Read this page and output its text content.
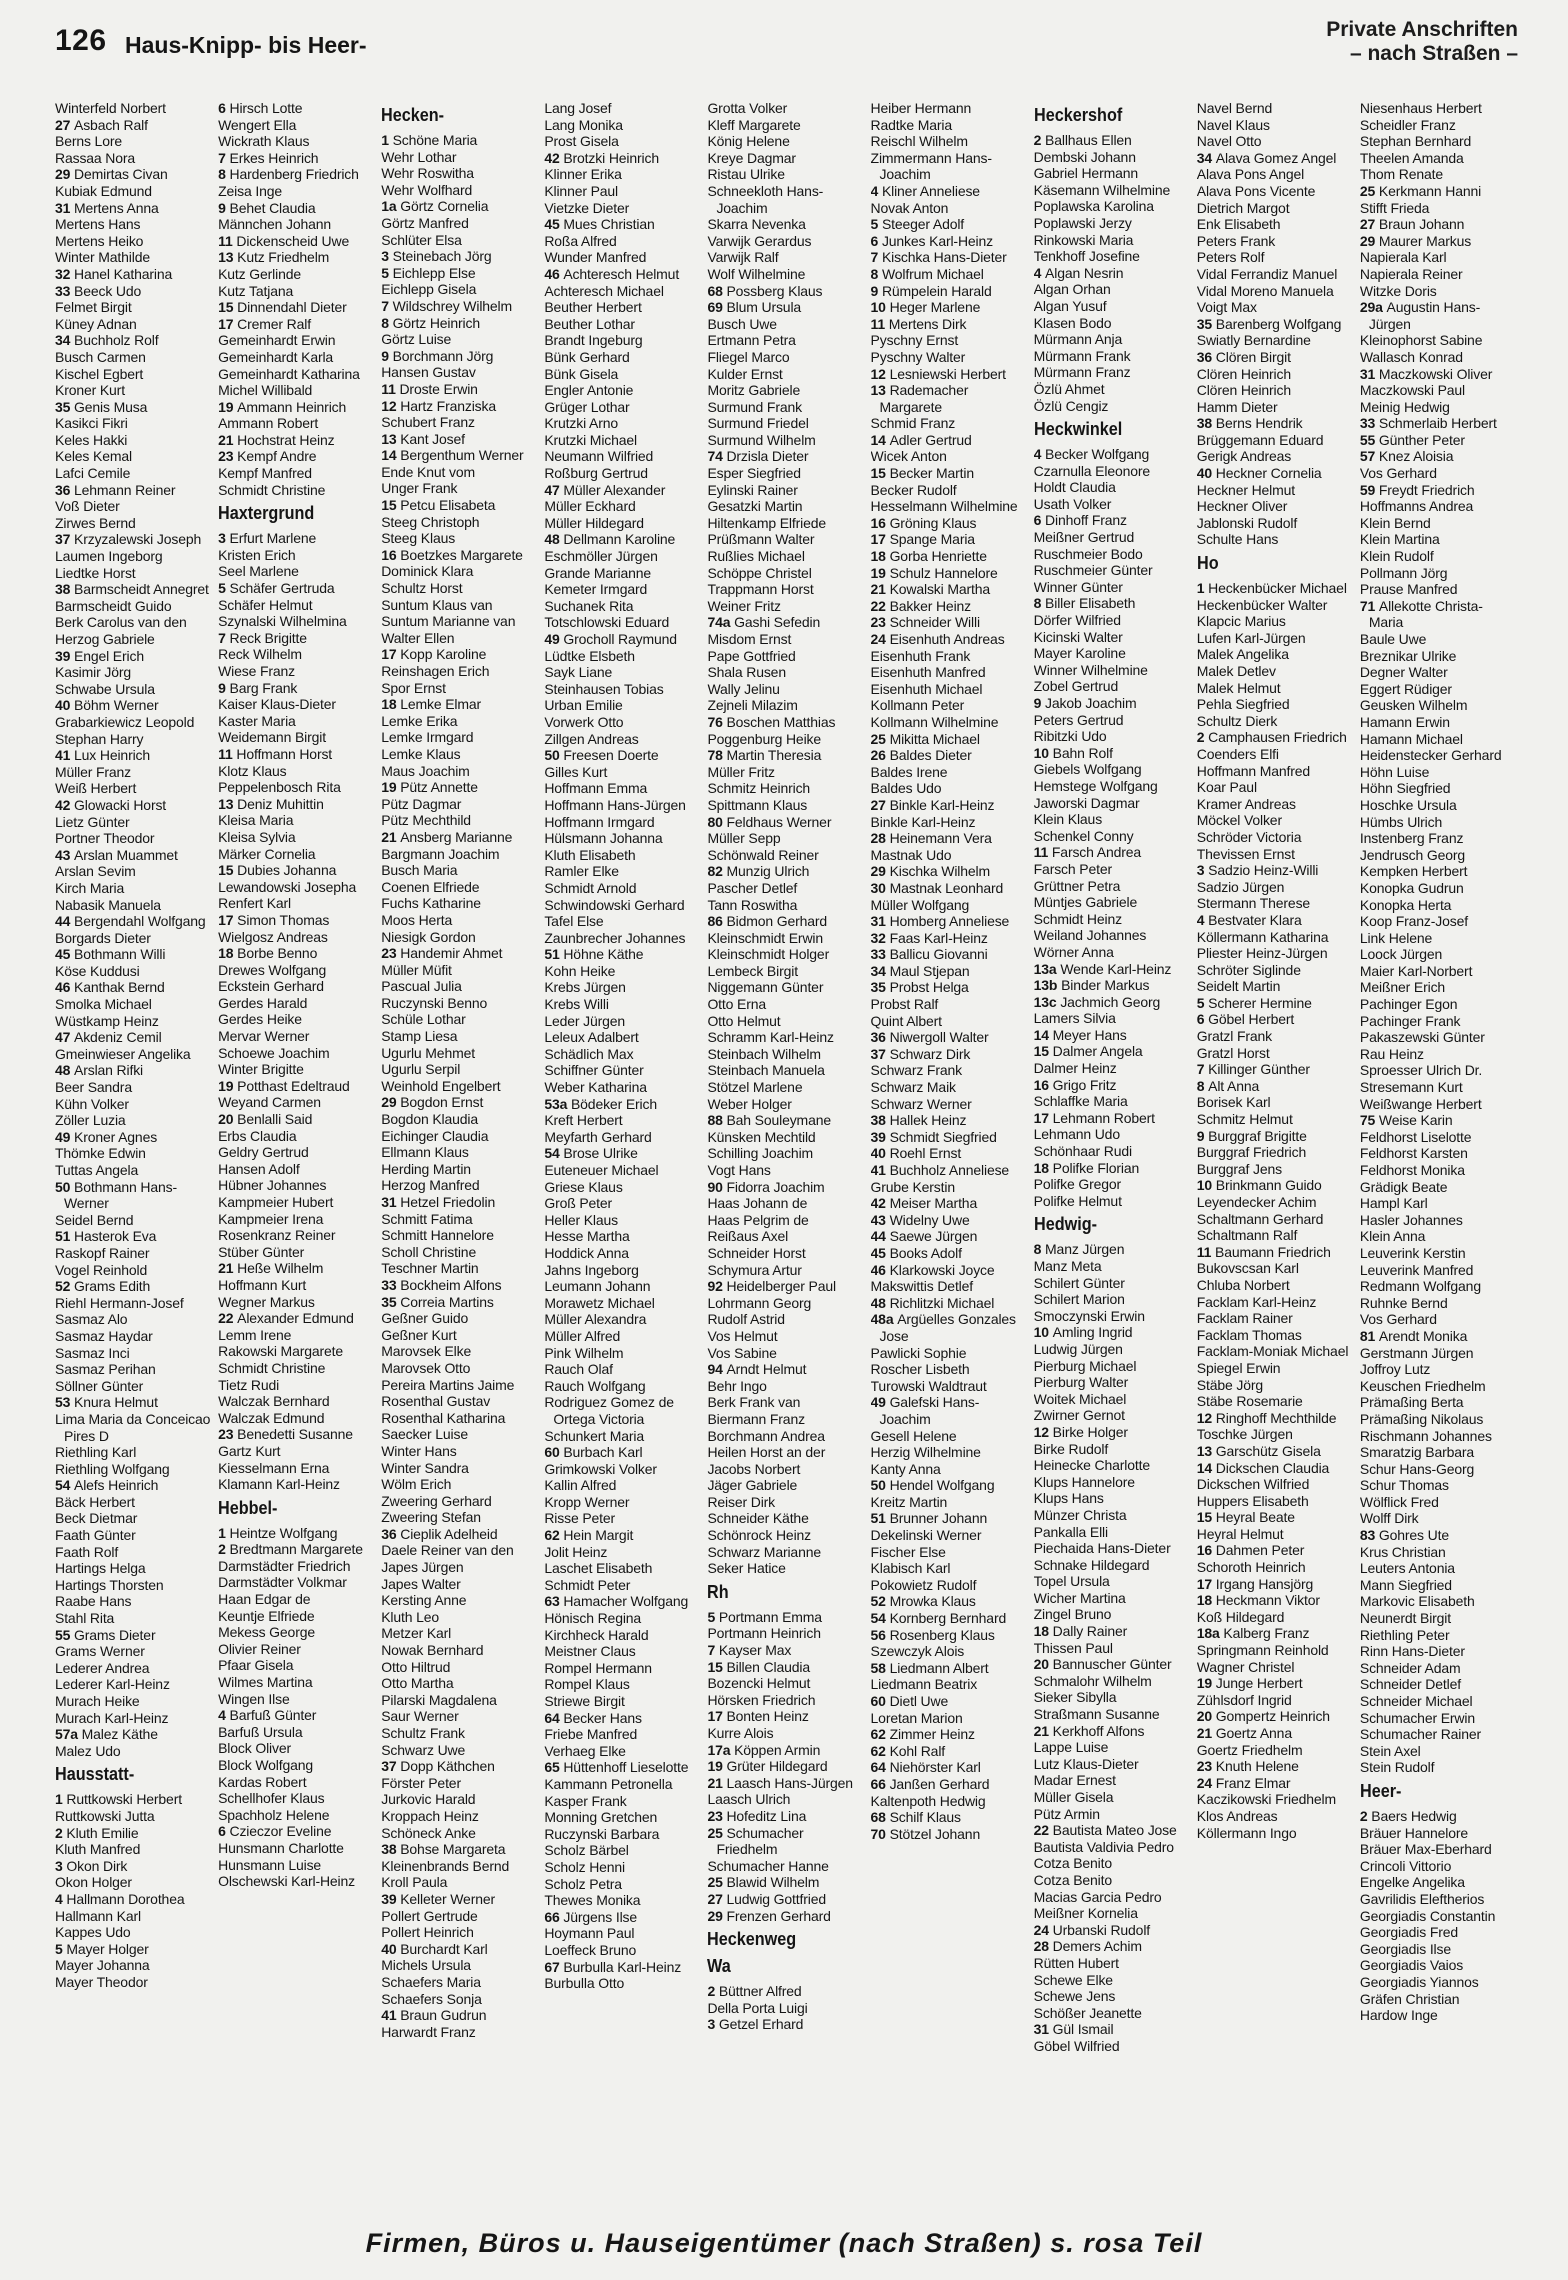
126 Haus-Knipp- bis Heer-
Private Anschriften
– nach Straßen –
Winterfeld Norbert
27 Asbach Ralf
Berns Lore
Rassaa Nora
29 Demirtas Civan
Kubiak Edmund
31 Mertens Anna
Mertens Hans
Mertens Heiko
Winter Mathilde
32 Hanel Katharina
33 Beeck Udo
Felmet Birgit
Küney Adnan
34 Buchholz Rolf
Busch Carmen
Kischel Egbert
Kroner Kurt
35 Genis Musa
Kasikci Fikri
Keles Hakki
Keles Kemal
Lafci Cemile
36 Lehmann Reiner
Voß Dieter
Zirwes Bernd
37 Krzyzalewski Joseph
Laumen Ingeborg
Liedtke Horst
38 Barmscheidt Annegret
Barmscheidt Guido
Berk Carolus van den
Herzog Gabriele
39 Engel Erich
Kasimir Jörg
Schwabe Ursula
40 Böhm Werner
Grabarkiewicz Leopold
Stephan Harry
41 Lux Heinrich
Müller Franz
Weiß Herbert
42 Glowacki Horst
Lietz Günter
Portner Theodor
43 Arslan Muammet
Arslan Sevim
Kirch Maria
Nabasik Manuela
44 Bergendahl Wolfgang
Borgards Dieter
45 Bothmann Willi
Köse Kuddusi
46 Kanthak Bernd
Smolka Michael
Wüstkamp Heinz
47 Akdeniz Cemil
Gmeinwieser Angelika
48 Arslan Rifki
Beer Sandra
Kühn Volker
Zöller Luzia
49 Kroner Agnes
Thömke Edwin
Tuttas Angela
50 Bothmann Hans-Werner
Seidel Bernd
51 Hasterok Eva
Raskopf Rainer
Vogel Reinhold
52 Grams Edith
Riehl Hermann-Josef
Sasmaz Alo
Sasmaz Haydar
Sasmaz Inci
Sasmaz Perihan
Söllner Günter
53 Knura Helmut
Lima Maria da Conceicao Pires D
Riethling Karl
Riethling Wolfgang
54 Alefs Heinrich
Bäck Herbert
Beck Dietmar
Faath Günter
Faath Rolf
Hartings Helga
Hartings Thorsten
Raabe Hans
Stahl Rita
55 Grams Dieter
Grams Werner
Lederer Andrea
Lederer Karl-Heinz
Murach Heike
Murach Karl-Heinz
57a Malez Käthe
Malez Udo
Hausstatt-
1 Ruttkowski Herbert
Ruttkowski Jutta
2 Kluth Emilie
Kluth Manfred
3 Okon Dirk
Okon Holger
4 Hallmann Dorothea
Hallmann Karl
Kappes Udo
5 Mayer Holger
Mayer Johanna
Mayer Theodor
6 Hirsch Lotte
Wengert Ella
Wickrath Klaus
7 Erkes Heinrich
8 Hardenberg Friedrich
Zeisa Inge
9 Behet Claudia
Männchen Johann
11 Dickenscheid Uwe
13 Kutz Friedhelm
Kutz Gerlinde
Kutz Tatjana
15 Dinnendahl Dieter
17 Cremer Ralf
Gemeinhardt Erwin
Gemeinhardt Karla
Gemeinhardt Katharina
Michel Willibald
19 Ammann Heinrich
Ammann Robert
21 Hochstrat Heinz
23 Kempf Andre
Kempf Manfred
Schmidt Christine
Haxtergrund
3 Erfurt Marlene
Kristen Erich
Seel Marlene
5 Schäfer Gertruda
Schäfer Helmut
Szynalski Wilhelmina
7 Reck Brigitte
Reck Wilhelm
Wiese Franz
9 Barg Frank
Kaiser Klaus-Dieter
Kaster Maria
Weidemann Birgit
11 Hoffmann Horst
Klotz Klaus
Peppelenbosch Rita
13 Deniz Muhittin
Kleisa Maria
Kleisa Sylvia
Märker Cornelia
15 Dubies Johanna
Lewandowski Josepha
Renfert Karl
17 Simon Thomas
Wielgosz Andreas
18 Borbe Benno
Drewes Wolfgang
Eckstein Gerhard
Gerdes Harald
Gerdes Heike
Mervar Werner
Schoewe Joachim
Winter Brigitte
19 Potthast Edeltraud
Weyand Carmen
20 Benlalli Said
Erbs Claudia
Geldry Gertrud
Hansen Adolf
Hübner Johannes
Kampmeier Hubert
Kampmeier Irena
Rosenkranz Reiner
Stüber Günter
21 Heße Wilhelm
Hoffmann Kurt
Wegner Markus
22 Alexander Edmund
Lemm Irene
Rakowski Margarete
Schmidt Christine
Tietz Rudi
Walczak Bernhard
Walczak Edmund
23 Benedetti Susanne
Gartz Kurt
Kiesselmann Erna
Klamann Karl-Heinz
Hebbel-
1 Heintze Wolfgang
2 Bredtmann Margarete
Darmstädter Friedrich
Darmstädter Volkmar
Haan Edgar de
Keuntje Elfriede
Mekess George
Olivier Reiner
Pfaar Gisela
Wilmes Martina
Wingen Ilse
4 Barfuß Günter
Barfuß Ursula
Block Oliver
Block Wolfgang
Kardas Robert
Schellhofer Klaus
Spachholz Helene
6 Czieczor Eveline
Hunsmann Charlotte
Hunsmann Luise
Olschewski Karl-Heinz
Hecken-
1 Schöne Maria
Wehr Lothar
Wehr Roswitha
Wehr Wolfhard
1a Görtz Cornelia
Görtz Manfred
Schlüter Elsa
3 Steinebach Jörg
5 Eichlepp Else
Eichlepp Gisela
7 Wildschrey Wilhelm
8 Görtz Heinrich
Görtz Luise
9 Borchmann Jörg
Hansen Gustav
11 Droste Erwin
12 Hartz Franziska
Schubert Franz
13 Kant Josef
14 Bergenthum Werner
Ende Knut vom
Unger Frank
15 Petcu Elisabeta
Steeg Christoph
Steeg Klaus
16 Boetzkes Margarete
Dominick Klara
Schultz Horst
Suntum Klaus van
Suntum Marianne van
Walter Ellen
17 Kopp Karoline
Reinshagen Erich
Spor Ernst
18 Lemke Elmar
Lemke Erika
Lemke Irmgard
Lemke Klaus
Maus Joachim
19 Pütz Annette
Pütz Dagmar
Pütz Mechthild
21 Ansberg Marianne
Bargmann Joachim
Busch Maria
Coenen Elfriede
Fuchs Katharine
Moos Herta
Niesigk Gordon
23 Handemir Ahmet
Müller Müfit
Pascual Julia
Ruczynski Benno
Schüle Lothar
Stamp Liesa
Ugurlu Mehmet
Ugurlu Serpil
Weinhold Engelbert
29 Bogdon Ernst
Bogdon Klaudia
Eichinger Claudia
Ellmann Klaus
Herding Martin
Herzog Manfred
31 Hetzel Friedolin
Schmitt Fatima
Schmitt Hannelore
Scholl Christine
Teschner Martin
33 Bockheim Alfons
35 Correia Martins
Geßner Guido
Geßner Kurt
Marovsek Elke
Marovsek Otto
Pereira Martins Jaime
Rosenthal Gustav
Rosenthal Katharina
Saecker Luise
Winter Hans
Winter Sandra
Wölm Erich
Zweering Gerhard
Zweering Stefan
36 Cieplik Adelheid
Daele Reiner van den
Japes Jürgen
Japes Walter
Kersting Anne
Kluth Leo
Metzer Karl
Nowak Bernhard
Otto Hiltrud
Otto Martha
Pilarski Magdalena
Saur Werner
Schultz Frank
Schwarz Uwe
37 Dopp Käthchen
Förster Peter
Jurkovic Harald
Kroppach Heinz
Schöneck Anke
38 Bohse Margareta
Kleinenbrands Bernd
Kroll Paula
39 Kelleter Werner
Pollert Gertrude
Pollert Heinrich
40 Burchardt Karl
Michels Ursula
Schaefers Maria
Schaefers Sonja
41 Braun Gudrun
Harwardt Franz
Lang Josef
Lang Monika
Prost Gisela
42 Brotzki Heinrich
Klinner Erika
Klinner Paul
Vietzke Dieter
45 Mues Christian
Roßa Alfred
Wunder Manfred
46 Achteresch Helmut
Achteresch Michael
Beuther Herbert
Beuther Lothar
Brandt Ingeburg
Bünk Gerhard
Bünk Gisela
Engler Antonie
Grüger Lothar
Krutzki Arno
Krutzki Michael
Neumann Wilfried
Roßburg Gertrud
47 Müller Alexander
Müller Eckhard
Müller Hildegard
48 Dellmann Karoline
Eschmöller Jürgen
Grande Marianne
Kemeter Irmgard
Suchanek Rita
Totschlowski Eduard
49 Grocholl Raymund
Lüdtke Elsbeth
Sayk Liane
Steinhausen Tobias
Urban Emilie
Vorwerk Otto
Zillgen Andreas
50 Freesen Doerte
Gilles Kurt
Hoffmann Emma
Hoffmann Hans-Jürgen
Hoffmann Irmgard
Hülsmann Johanna
Kluth Elisabeth
Ramler Elke
Schmidt Arnold
Schwindowski Gerhard
Tafel Else
Zaunbrecher Johannes
51 Höhne Käthe
Kohn Heike
Krebs Jürgen
Krebs Willi
Leder Jürgen
Leleux Adalbert
Schädlich Max
Schiffner Günter
Weber Katharina
53a Bödeker Erich
Kreft Herbert
Meyfarth Gerhard
54 Brose Ulrike
Euteneuer Michael
Griese Klaus
Groß Peter
Heller Klaus
Hesse Martha
Hoddick Anna
Jahns Ingeborg
Leumann Johann
Morawetz Michael
Müller Alexandra
Müller Alfred
Pink Wilhelm
Rauch Olaf
Rauch Wolfgang
Rodriguez Gomez de Ortega Victoria
Schunkert Maria
60 Burbach Karl
Grimkowski Volker
Kallin Alfred
Kropp Werner
Risse Peter
62 Hein Margit
Jolit Heinz
Laschet Elisabeth
Schmidt Peter
63 Hamacher Wolfgang
Hönisch Regina
Kirchheck Harald
Meistner Claus
Rompel Hermann
Rompel Klaus
Striewe Birgit
64 Becker Hans
Friebe Manfred
Verhaeg Elke
65 Hüttenhoff Lieselotte
Kammann Petronella
Kasper Frank
Monning Gretchen
Ruczynski Barbara
Scholz Bärbel
Scholz Henni
Scholz Petra
Thewes Monika
66 Jürgens Ilse
Hoymann Paul
Loeffeck Bruno
67 Burbulla Karl-Heinz
Burbulla Otto
Grotta Volker
Kleff Margarete
König Helene
Kreye Dagmar
Ristau Ulrike
Schneekloth Hans-Joachim
Skarra Nevenka
Varwijk Gerardus
Varwijk Ralf
Wolf Wilhelmine
68 Possberg Klaus
69 Blum Ursula
Busch Uwe
Ertmann Petra
Fliegel Marco
Kulder Ernst
Moritz Gabriele
Surmund Frank
Surmund Friedel
Surmund Wilhelm
74 Drzisla Dieter
Esper Siegfried
Eylinski Rainer
Gesatzki Martin
Hiltenkamp Elfriede
Prüßmann Walter
Rußlies Michael
Schöppe Christel
Trappmann Horst
Weiner Fritz
74a Gashi Sefedin
Misdom Ernst
Pape Gottfried
Shala Rusen
Wally Jelinu
Zejneli Milazim
76 Boschen Matthias
Poggenburg Heike
78 Martin Theresia
Müller Fritz
Schmitz Heinrich
Spittmann Klaus
80 Feldhaus Werner
Müller Sepp
Schönwald Reiner
82 Munzig Ulrich
Pascher Detlef
Tann Roswitha
86 Bidmon Gerhard
Kleinschmidt Erwin
Kleinschmidt Holger
Lembeck Birgit
Niggemann Günter
Otto Erna
Otto Helmut
Schramm Karl-Heinz
Steinbach Wilhelm
Steinbach Manuela
Stötzel Marlene
Weber Holger
88 Bah Souleymane
Künsken Mechtild
Schilling Joachim
Vogt Hans
90 Fidorra Joachim
Haas Johann de
Haas Pelgrim de
Reißaus Axel
Schneider Horst
Schymura Artur
92 Heidelberger Paul
Lohrmann Georg
Rudolf Astrid
Vos Helmut
Vos Sabine
94 Arndt Helmut
Behr Ingo
Berk Frank van
Biermann Franz
Borchmann Andrea
Heilen Horst an der
Jacobs Norbert
Jäger Gabriele
Reiser Dirk
Schneider Käthe
Schönrock Heinz
Schwarz Marianne
Seker Hatice
Rh
5 Portmann Emma
Portmann Heinrich
7 Kayser Max
15 Billen Claudia
Bozencki Helmut
Hörsken Friedrich
17 Bonten Heinz
Kurre Alois
17a Köppen Armin
19 Grüter Hildegard
21 Laasch Hans-Jürgen
Laasch Ulrich
23 Hofeditz Lina
25 Schumacher Friedhelm
Schumacher Hanne
25 Blawid Wilhelm
27 Ludwig Gottfried
29 Frenzen Gerhard
Heckenweg
Wa
2 Büttner Alfred
Della Porta Luigi
3 Getzel Erhard
Heiber Hermann
Radtke Maria
Reischl Wilhelm
Zimmermann Hans-Joachim
4 Kliner Anneliese
Novak Anton
5 Steeger Adolf
6 Junkes Karl-Heinz
7 Kischka Hans-Dieter
8 Wolfrum Michael
9 Rümpelein Harald
10 Heger Marlene
11 Mertens Dirk
Pyschny Ernst
Pyschny Walter
12 Lesniewski Herbert
13 Rademacher Margarete
Schmid Franz
14 Adler Gertrud
Wicek Anton
15 Becker Martin
Becker Rudolf
Hesselmann Wilhelmine
16 Gröning Klaus
17 Spange Maria
18 Gorba Henriette
19 Schulz Hannelore
21 Kowalski Martha
22 Bakker Heinz
23 Schneider Willi
24 Eisenhuth Andreas
Eisenhuth Frank
Eisenhuth Manfred
Eisenhuth Michael
Kollmann Peter
Kollmann Wilhelmine
25 Mikitta Michael
26 Baldes Dieter
Baldes Irene
Baldes Udo
27 Binkle Karl-Heinz
Binkle Karl-Heinz
28 Heinemann Vera
Mastnak Udo
29 Kischka Wilhelm
30 Mastnak Leonhard
Müller Wolfgang
31 Homberg Anneliese
32 Faas Karl-Heinz
33 Ballicu Giovanni
34 Maul Stjepan
35 Probst Helga
Probst Ralf
Quint Albert
36 Niwergoll Walter
37 Schwarz Dirk
Schwarz Frank
Schwarz Maik
Schwarz Werner
38 Hallek Heinz
39 Schmidt Siegfried
40 Roehl Ernst
41 Buchholz Anneliese
Grube Kerstin
42 Meiser Martha
43 Widelny Uwe
44 Saewe Jürgen
45 Books Adolf
46 Klarkowski Joyce
Makswittis Detlef
48 Richlitzki Michael
48a Argüelles Gonzales Jose
Pawlicki Sophie
Roscher Lisbeth
Turowski Waldtraut
49 Galefski Hans-Joachim
Gesell Helene
Herzig Wilhelmine
Kanty Anna
50 Hendel Wolfgang
Kreitz Martin
51 Brunner Johann
Dekelinski Werner
Fischer Else
Klabisch Karl
Pokowietz Rudolf
52 Mrowka Klaus
54 Kornberg Bernhard
56 Rosenberg Klaus
Szewczyk Alois
58 Liedmann Albert
Liedmann Beatrix
60 Dietl Uwe
Loretan Marion
62 Zimmer Heinz
62 Kohl Ralf
64 Niehörster Karl
66 Janßen Gerhard
Kaltenpoth Hedwig
68 Schilf Klaus
70 Stötzel Johann
Heckershof
2 Ballhaus Ellen
Dembski Johann
Gabriel Hermann
Käsemann Wilhelmine
Poplawska Karolina
Poplawski Jerzy
Rinkowski Maria
Tenkhoff Josefine
4 Algan Nesrin
Algan Orhan
Algan Yusuf
Klasen Bodo
Mürmann Anja
Mürmann Frank
Mürmann Franz
Özlü Ahmet
Özlü Cengiz
Heckwinkel
4 Becker Wolfgang
Czarnulla Eleonore
Holdt Claudia
Usath Volker
6 Dinhoff Franz
Meißner Gertrud
Ruschmeier Bodo
Ruschmeier Günter
Winner Günter
8 Biller Elisabeth
Dörfer Wilfried
Kicinski Walter
Mayer Karoline
Winner Wilhelmine
Zobel Gertrud
9 Jakob Joachim
Peters Gertrud
Ribitzki Udo
10 Bahn Rolf
Giebels Wolfgang
Hemstege Wolfgang
Jaworski Dagmar
Klein Klaus
Schenkel Conny
11 Farsch Andrea
Farsch Peter
Grüttner Petra
Müntjes Gabriele
Schmidt Heinz
Weiland Johannes
Wörner Anna
13a Wende Karl-Heinz
13b Binder Markus
13c Jachmich Georg
Lamers Silvia
14 Meyer Hans
15 Dalmer Angela
Dalmer Heinz
16 Grigo Fritz
Schlaffke Maria
17 Lehmann Robert
Lehmann Udo
Schönhaar Rudi
18 Polifke Florian
Polifke Gregor
Polifke Helmut
Hedwig-
8 Manz Jürgen
Manz Meta
Schilert Günter
Schilert Marion
Smoczynski Erwin
10 Amling Ingrid
Ludwig Jürgen
Pierburg Michael
Pierburg Walter
Woitek Michael
Zwirner Gernot
12 Birke Holger
Birke Rudolf
Heinecke Charlotte
Klups Hannelore
Klups Hans
Münzer Christa
Pankalla Elli
Piechaida Hans-Dieter
Schnake Hildegard
Topel Ursula
Wicher Martina
Zingel Bruno
18 Dally Rainer
Thissen Paul
20 Bannuscher Günter
Schmalohr Wilhelm
Sieker Sibylla
Straßmann Susanne
21 Kerkhoff Alfons
Lappe Luise
Lutz Klaus-Dieter
Madar Ernest
Müller Gisela
Pütz Armin
22 Bautista Mateo Jose
Bautista Valdivia Pedro
Cotza Benito
Cotza Benito
Macias Garcia Pedro
Meißner Kornelia
24 Urbanski Rudolf
28 Demers Achim
Rütten Hubert
Schewe Elke
Schewe Jens
Schößer Jeanette
31 Gül Ismail
Göbel Wilfried
Navel Bernd
Navel Klaus
Navel Otto
34 Alava Gomez Angel
Alava Pons Angel
Alava Pons Vicente
Dietrich Margot
Enk Elisabeth
Peters Frank
Peters Rolf
Vidal Ferrandiz Manuel
Vidal Moreno Manuela
Voigt Max
35 Barenberg Wolfgang
Swiatly Bernardine
36 Clören Birgit
Clören Heinrich
Clören Heinrich
Hamm Dieter
38 Berns Hendrik
Brüggemann Eduard
Gerigk Andreas
40 Heckner Cornelia
Heckner Helmut
Heckner Oliver
Jablonski Rudolf
Schulte Hans
Ho
1 Heckenbücker Michael
Heckenbücker Walter
Klapcic Marius
Lufen Karl-Jürgen
Malek Angelika
Malek Detlev
Malek Helmut
Pehla Siegfried
Schultz Dierk
2 Camphausen Friedrich
Coenders Elfi
Hoffmann Manfred
Koar Paul
Kramer Andreas
Möckel Volker
Schröder Victoria
Thevissen Ernst
3 Sadzio Heinz-Willi
Sadzio Jürgen
Stermann Therese
4 Bestvater Klara
Köllermann Katharina
Pliester Heinz-Jürgen
Schröter Siglinde
Seidelt Martin
5 Scherer Hermine
6 Göbel Herbert
Gratzl Frank
Gratzl Horst
7 Killinger Günther
8 Alt Anna
Borisek Karl
Schmitz Helmut
9 Burggraf Brigitte
Burggraf Friedrich
Burggraf Jens
10 Brinkmann Guido
Leyendecker Achim
Schaltmann Gerhard
Schaltmann Ralf
11 Baumann Friedrich
Bukovscsan Karl
Chluba Norbert
Facklam Karl-Heinz
Facklam Rainer
Facklam Thomas
Facklam-Moniak Michael
Spiegel Erwin
Stäbe Jörg
Stäbe Rosemarie
12 Ringhoff Mechthilde
Toschke Jürgen
13 Garschütz Gisela
14 Dickschen Claudia
Dickschen Wilfried
Huppers Elisabeth
15 Heyral Beate
Heyral Helmut
16 Dahmen Peter
Schoroth Heinrich
17 Irgang Hansjörg
18 Heckmann Viktor
Koß Hildegard
18a Kalberg Franz
Springmann Reinhold
Wagner Christel
19 Junge Herbert
Zühlsdorf Ingrid
20 Gompertz Heinrich
21 Goertz Anna
Goertz Friedhelm
23 Knuth Helene
24 Franz Elmar
Kaczikowski Friedhelm
Klos Andreas
Köllermann Ingo
Niesenhaus Herbert
Scheidler Franz
Stephan Bernhard
Theelen Amanda
Thom Renate
25 Kerkmann Hanni
Stifft Frieda
27 Braun Johann
29 Maurer Markus
Napierala Karl
Napierala Reiner
Witzke Doris
29a Augustin Hans-Jürgen
Kleinophorst Sabine
Wallasch Konrad
31 Maczkowski Oliver
Maczkowski Paul
Meinig Hedwig
33 Schmerlaib Herbert
55 Günther Peter
57 Knez Aloisia
Vos Gerhard
59 Freydt Friedrich
Hoffmanns Andrea
Klein Bernd
Klein Martina
Klein Rudolf
Pollmann Jörg
Prause Manfred
71 Allekotte Christa-Maria
Baule Uwe
Breznikar Ulrike
Degner Walter
Eggert Rüdiger
Geusken Wilhelm
Hamann Erwin
Hamann Michael
Heidenstecker Gerhard
Höhn Luise
Höhn Siegfried
Hoschke Ursula
Hümbs Ulrich
Instenberg Franz
Jendrusch Georg
Kempken Herbert
Konopka Gudrun
Konopka Herta
Koop Franz-Josef
Link Helene
Loock Jürgen
Maier Karl-Norbert
Meißner Erich
Pachinger Egon
Pachinger Frank
Pakaszewski Günter
Rau Heinz
Sproesser Ulrich Dr.
Stresemann Kurt
Weißwange Herbert
75 Weise Karin
Feldhorst Liselotte
Feldhorst Karsten
Feldhorst Monika
Grädigk Beate
Hampl Karl
Hasler Johannes
Klein Anna
Leuverink Kerstin
Leuverink Manfred
Redmann Wolfgang
Ruhnke Bernd
Vos Gerhard
81 Arendt Monika
Gerstmann Jürgen
Joffroy Lutz
Keuschen Friedhelm
Prämaßing Berta
Prämaßing Nikolaus
Rischmann Johannes
Smaratzig Barbara
Schur Hans-Georg
Schur Thomas
Wölflick Fred
Wolff Dirk
83 Gohres Ute
Krus Christian
Leuters Antonia
Mann Siegfried
Markovic Elisabeth
Neunerdt Birgit
Riethling Peter
Rinn Hans-Dieter
Schneider Adam
Schneider Detlef
Schneider Michael
Schumacher Erwin
Schumacher Rainer
Stein Axel
Stein Rudolf
Heer-
2 Baers Hedwig
Bräuer Hannelore
Bräuer Max-Eberhard
Crincoli Vittorio
Engelke Angelika
Gavrilidis Eleftherios
Georgiadis Constantin
Georgiadis Fred
Georgiadis Ilse
Georgiadis Vaios
Georgiadis Yiannos
Gräfen Christian
Hardow Inge
Firmen, Büros u. Hauseigentümer (nach Straßen) s. rosa Teil
